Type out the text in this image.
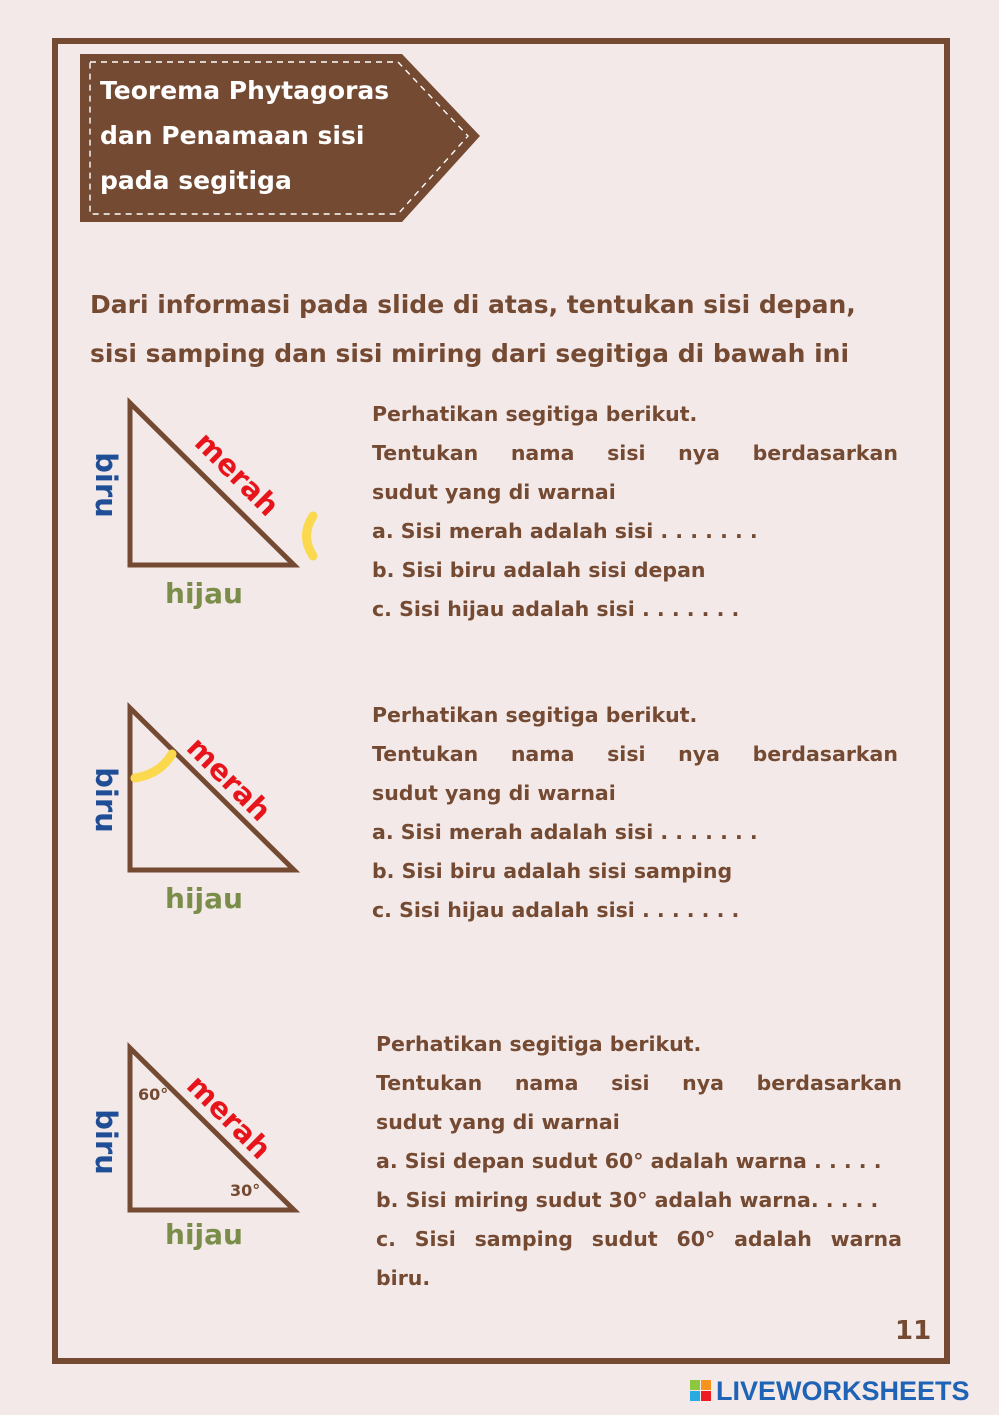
Teorema Phytagoras
dan Penamaan sisi
pada segitiga
Dari informasi pada slide di atas, tentukan sisi depan,
sisi samping dan sisi miring dari segitiga di bawah ini
biru
hijau
merah
Perhatikan segitiga berikut.
Tentukan nama sisi nya berdasarkan
sudut yang di warnai
a. Sisi merah adalah sisi . . . . . . .
b. Sisi biru adalah sisi depan
c. Sisi hijau adalah sisi . . . . . . .
biru
hijau
merah
Perhatikan segitiga berikut.
Tentukan nama sisi nya berdasarkan
sudut yang di warnai
a. Sisi merah adalah sisi . . . . . . .
b. Sisi biru adalah sisi samping
c. Sisi hijau adalah sisi . . . . . . .
biru
hijau
merah
60°
30°
Perhatikan segitiga berikut.
Tentukan nama sisi nya berdasarkan
sudut yang di warnai
a. Sisi depan sudut 60° adalah warna . . . . .
b. Sisi miring sudut 30° adalah warna. . . . .
c. Sisi samping sudut 60° adalah warna
biru.
11
LIVEWORKSHEETS
